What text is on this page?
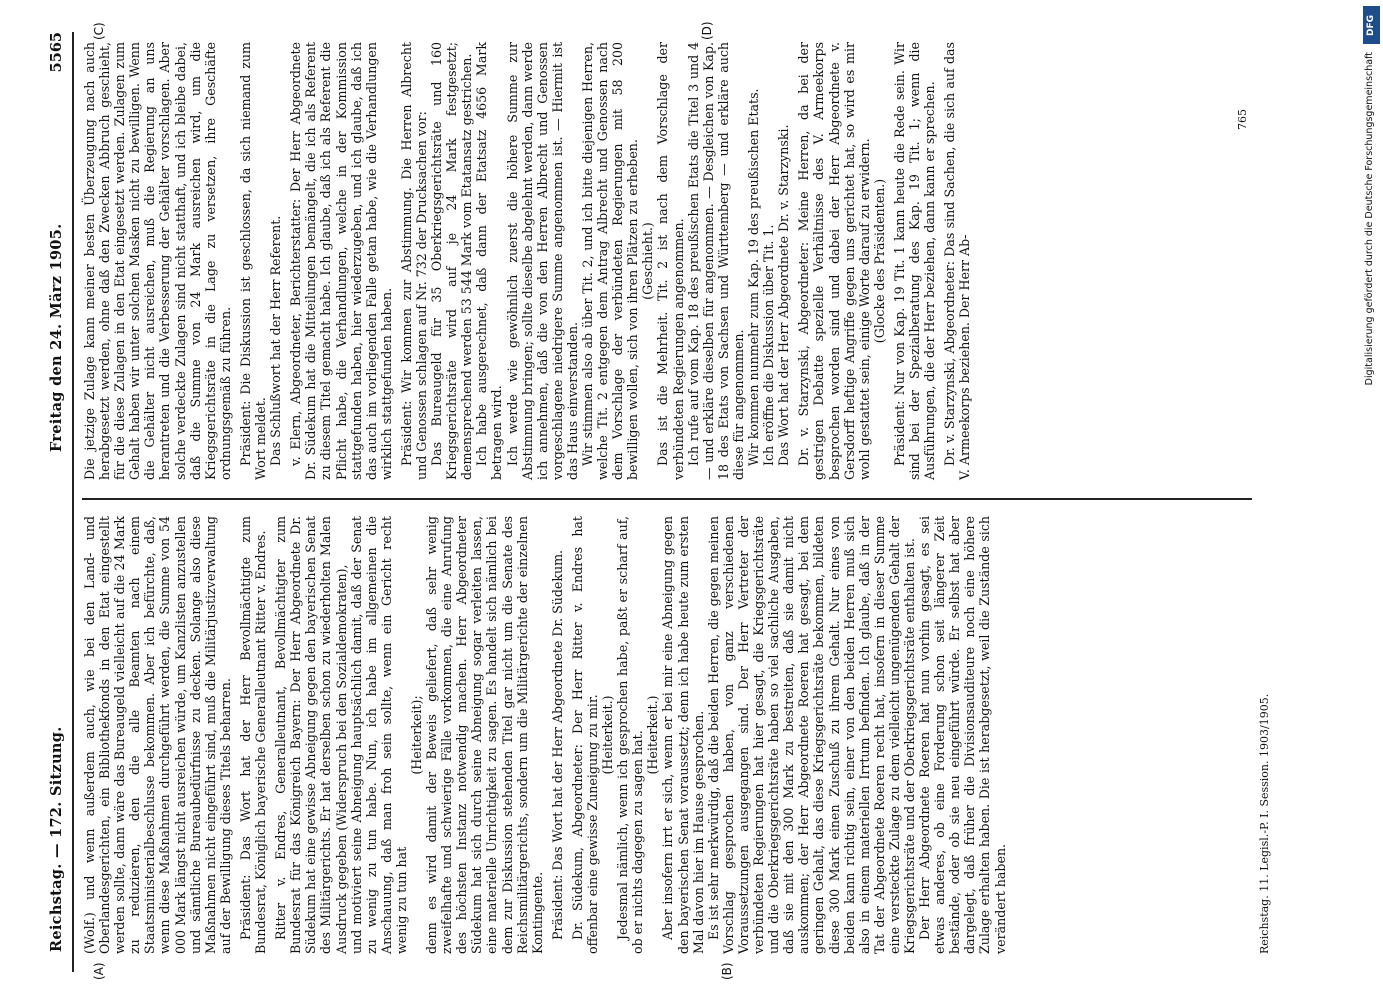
Reichstag. — 172. Sitzung.
Freitag den 24. März 1905.
5565
(A)	(B)
(C)	(D)

(Wolf.) und wenn außerdem auch, wie bei den Land- und Oberlandesgerichten, ein Bibliothekfonds in den Etat eingestellt werden sollte, dann wäre das Bureaugeld vielleicht auf die 24 Mark zu reduzieren, den die alle Beamten nach einem Staatsministerialbeschlusse bekommen. Aber ich befürchte, daß, wenn diese Maßnahmen durchgeführt werden, die Summe von 54 000 Mark längst nicht ausreichen würde, um Kanzlisten anzustellen und sämtliche Bureaubedürfnisse zu decken. Solange also diese Maßnahmen nicht eingeführt sind, muß die Militärjustizverwaltung auf der Bewilligung dieses Titels beharren. Präsident: Das Wort hat der Herr Bevollmächtigte zum Bundesrat, Königlich bayerische Generalleutnant Ritter v. Endres. Ritter v. Endres, Generalleutnant, Bevollmächtigter zum Bundesrat für das Königreich Bayern: Der Herr Abgeordnete Dr. Südekum hat eine gewisse Abneigung gegen den bayerischen Senat des Militärgerichts. Er hat derselben schon zu wiederholten Malen Ausdruck gegeben (Widerspruch bei den Sozialdemokraten), und motiviert seine Abneigung hauptsächlich damit, daß der Senat zu wenig zu tun habe. Nun, ich habe im allgemeinen die Anschauung, daß man froh sein sollte, wenn ein Gericht recht wenig zu tun hat

(Heiterkeit); denn es wird damit der Beweis geliefert, daß sehr wenig zweifelhafte und schwierige Fälle vorkommen, die eine Anrufung des höchsten Instanz notwendig machen. Herr Abgeordneter Südekum hat sich durch seine Abneigung sogar verleiten lassen, eine materielle Unrichtigkeit zu sagen. Es handelt sich nämlich bei dem zur Diskussion stehenden Titel gar nicht um die Senate des Reichsmilitärgerichts, sondern um die Militärgerichte der einzelnen Kontingente. Präsident: Das Wort hat der Herr Abgeordnete Dr. Südekum. Dr. Südekum, Abgeordneter: Der Herr Ritter v. Endres hat offenbar eine gewisse Zuneigung zu mir. (Heiterkeit.) Jedesmal nämlich, wenn ich gesprochen habe, paßt er scharf auf, ob er nichts dagegen zu sagen hat. (Heiterkeit.) Aber insofern irrt er sich, wenn er bei mir eine Abneigung gegen den bayerischen Senat voraussetzt; denn ich habe heute zum ersten Mal davon hier im Hause gesprochen. Es ist sehr merkwürdig, daß die beiden Herren, die gegen meinen Vorschlag gesprochen haben, von ganz verschiedenen Voraussetzungen ausgegangen sind. Der Herr Vertreter der verbündeten Regierungen hat hier gesagt, die Kriegsgerichtsräte und die Oberkriegsgerichtsräte haben so viel sachliche Ausgaben, daß sie mit den 300 Mark zu bestreiten, daß sie damit nicht auskommen; der Herr Abgeordnete Roeren hat gesagt, bei dem geringen Gehalt, das diese Kriegsgerichtsräte bekommen, bildeten diese 300 Mark einen Zuschuß zu ihrem Gehalt. Nur eines von beiden kann richtig sein, einer von den beiden Herren muß sich also in einem materiellen Irrtum befinden. Ich glaube, daß in der Tat der Abgeordnete Roeren recht hat, insofern in dieser Summe eine versteckte Zulage zu dem vielleicht ungenügenden Gehalt der Kriegsgerichtsräte und der Oberkriegsgerichtsräte enthalten ist. Der Herr Abgeordnete Roeren hat nun vorhin gesagt, es sei etwas anderes, ob eine Forderung schon seit längerer Zeit bestände, oder ob sie neu eingeführt würde. Er selbst hat aber dargelegt, daß früher die Divisionsauditeure noch eine höhere Zulage erhalten haben. Die ist herabgesetzt, weil die Zustände sich verändert haben.

Die jetzige Zulage kann meiner besten Überzeugung nach auch herabgesetzt werden, ohne daß den Zwecken Abbruch geschieht, für die diese Zulagen in den Etat eingesetzt werden. Zulagen zum Gehalt haben wir unter solchen Masken nicht zu bewilligen. Wenn die Gehälter nicht ausreichen, muß die Regierung an uns herantreten und die Verbesserung der Gehälter vorschlagen. Aber solche verdeckte Zulagen sind nicht statthaft, und ich bleibe dabei, daß die Summe von 24 Mark ausreichen wird, um die Kriegsgerichtsräte in die Lage zu versetzen, ihre Geschäfte ordnungsgemäß zu führen. Präsident: Die Diskussion ist geschlossen, da sich niemand zum Wort meldet. Das Schlußwort hat der Herr Referent. v. Elern, Abgeordneter, Berichterstatter: Der Herr Abgeordnete Dr. Südekum hat die Mitteilungen bemängelt, die ich als Referent zu diesem Titel gemacht habe. Ich glaube, daß ich als Referent die Pflicht habe, die Verhandlungen, welche in der Kommission stattgefunden haben, hier wiederzugeben, und ich glaube, daß ich das auch im vorliegenden Falle getan habe, wie die Verhandlungen wirklich stattgefunden haben. Präsident: Wir kommen zur Abstimmung. Die Herren Albrecht und Genossen schlagen auf Nr. 732 der Drucksachen vor: Das Bureaugeld für 35 Oberkriegsgerichtsräte und 160 Kriegsgerichtsräte wird auf je 24 Mark festgesetzt; demensprechend werden 53 544 Mark vom Etatansatz gestrichen. Ich habe ausgerechnet, daß dann der Etatsatz 4656 Mark betragen wird. Ich werde wie gewöhnlich zuerst die höhere Summe zur Abstimmung bringen; sollte dieselbe abgelehnt werden, dann werde ich annehmen, daß die von den Herren Albrecht und Genossen vorgeschlagene niedrigere Summe angenommen ist. — Hiermit ist das Haus einverstanden. Wir stimmen also ab über Tit. 2, und ich bitte diejenigen Herren, welche Tit. 2 entgegen dem Antrag Albrecht und Genossen nach dem Vorschlage der verbündeten Regierungen mit 58 200 bewilligen wollen, sich von ihren Plätzen zu erheben. (Geschieht.) Das ist die Mehrheit. Tit. 2 ist nach dem Vorschlage der verbündeten Regierungen angenommen. Ich rufe auf vom Kap. 18 des preußischen Etats die Titel 3 und 4 — und erkläre dieselben für angenommen. — Desgleichen von Kap. 18 des Etats von Sachsen und Württemberg — und erkläre auch diese für angenommen. Wir kommen nunmehr zum Kap. 19 des preußischen Etats. Ich eröffne die Diskussion über Tit. 1. Das Wort hat der Herr Abgeordnete Dr. v. Starzynski. Dr. v. Starzynski, Abgeordneter: Meine Herren, da bei der gestrigen Debatte spezielle Verhältnisse des V. Armeekorps besprochen worden sind und dabei der Herr Abgeordnete v. Gersdorff heftige Angriffe gegen uns gerichtet hat, so wird es mir wohl gestattet sein, einige Worte darauf zu erwidern. (Glocke des Präsidenten.) Präsident: Nur von Kap. 19 Tit. 1 kann heute die Rede sein. Wir sind bei der Spezialberatung des Kap. 19 Tit. 1; wenn die Ausführungen, die der Herr beziehen, dann kann er sprechen. Dr. v. Starzynski, Abgeordneter: Das sind Sachen, die sich auf das V. Armeekorps beziehen. Der Herr Ab-

765
Reichstag. 11. Legisl.-P. I. Session. 1903/1905.
DFG
Digitalisierung gefördert durch die Deutsche Forschungsgemeinschaft
